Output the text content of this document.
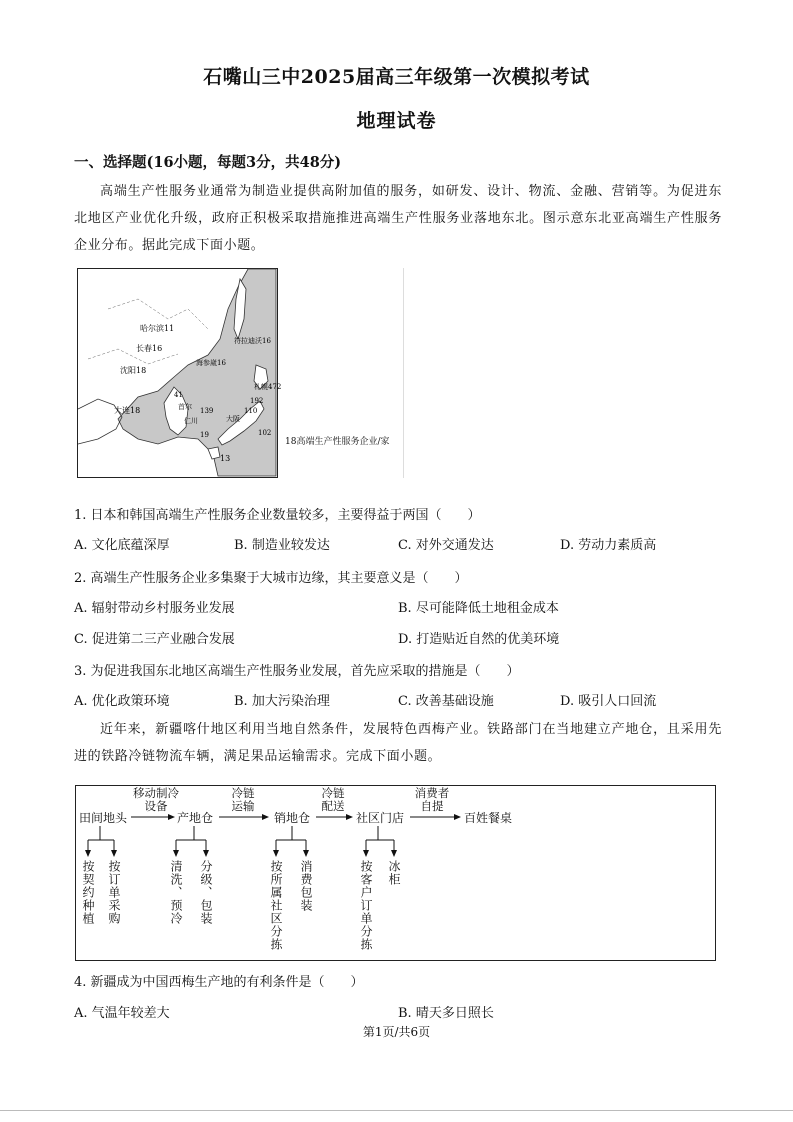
石嘴山三中2025届高三年级第一次模拟考试
地理试卷
一、选择题(16小题，每题3分，共48分)
高端生产性服务业通常为制造业提供高附加值的服务，如研发、设计、物流、金融、营销等。为促进东北地区产业优化升级，政府正积极采取措施推进高端生产性服务业落地东北。图示意东北亚高端生产性服务企业分布。据此完成下面小题。
哈尔滨11
长春16
沈阳18
符拉迪沃16
海参崴16
大连18	首尔 139
仁川
19
大阪
13
札幌472
192
110
102
41
18高端生产性服务企业/家
1. 日本和韩国高端生产性服务企业数量较多，主要得益于两国（　　）
A. 文化底蕴深厚	B. 制造业较发达	C. 对外交通发达	D. 劳动力素质高
2. 高端生产性服务企业多集聚于大城市边缘，其主要意义是（　　）
A. 辐射带动乡村服务业发展	B. 尽可能降低土地租金成本
C. 促进第二三产业融合发展	D. 打造贴近自然的优美环境
3. 为促进我国东北地区高端生产性服务业发展，首先应采取的措施是（　　）
A. 优化政策环境	B. 加大污染治理	C. 改善基础设施	D. 吸引人口回流
近年来，新疆喀什地区利用当地自然条件，发展特色西梅产业。铁路部门在当地建立产地仓，且采用先进的铁路冷链物流车辆，满足果品运输需求。完成下面小题。
田间地头	产地仓	销地仓	社区门店	百姓餐桌
移动制冷设备
冷链运输
冷链配送
消费者自提
按契约种植 按订单采购	清洗、预冷 分级、包装	按所属社区分拣 消费包装	按客户订单分拣 冰柜
4. 新疆成为中国西梅生产地的有利条件是（　　）
A. 气温年较差大	B. 晴天多日照长
第1页/共6页
